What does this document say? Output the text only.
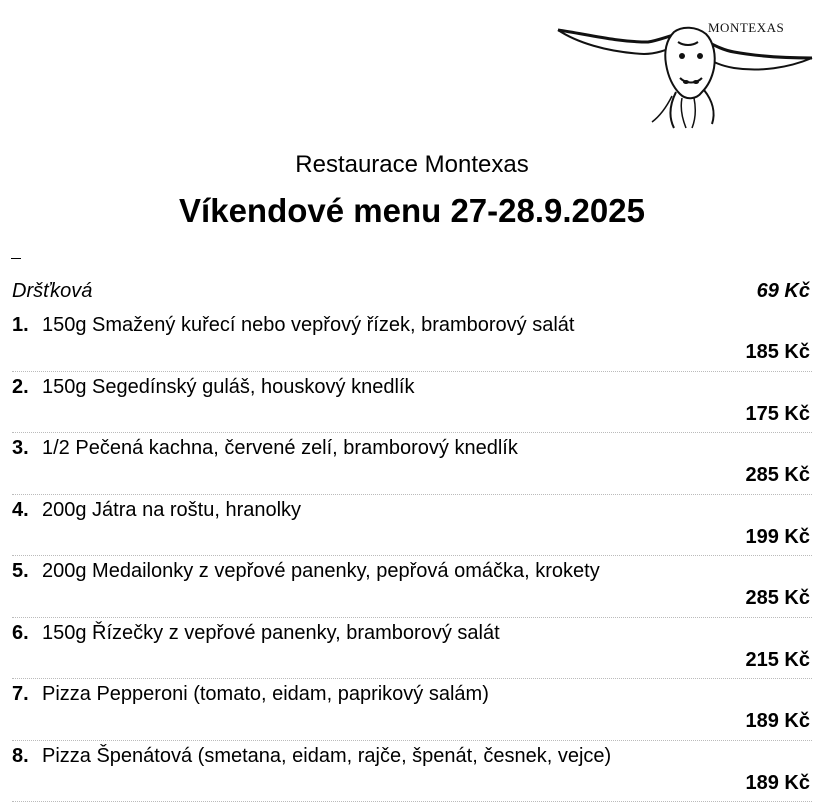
MONTEXAS
Restaurace Montexas
Víkendové menu 27-28.9.2025
Dršťková	69 Kč
1. 150g Smažený kuřecí nebo vepřový řízek, bramborový salát
185 Kč
2. 150g Segedínský guláš, houskový knedlík
175 Kč
3. 1/2 Pečená kachna, červené zelí, bramborový knedlík
285 Kč
4. 200g Játra na roštu, hranolky
199 Kč
5. 200g Medailonky z vepřové panenky, pepřová omáčka, krokety
285 Kč
6. 150g Řízečky z vepřové panenky, bramborový salát
215 Kč
7. Pizza Pepperoni (tomato, eidam, paprikový salám)
189 Kč
8. Pizza Špenátová (smetana, eidam, rajče, špenát, česnek, vejce)
189 Kč
